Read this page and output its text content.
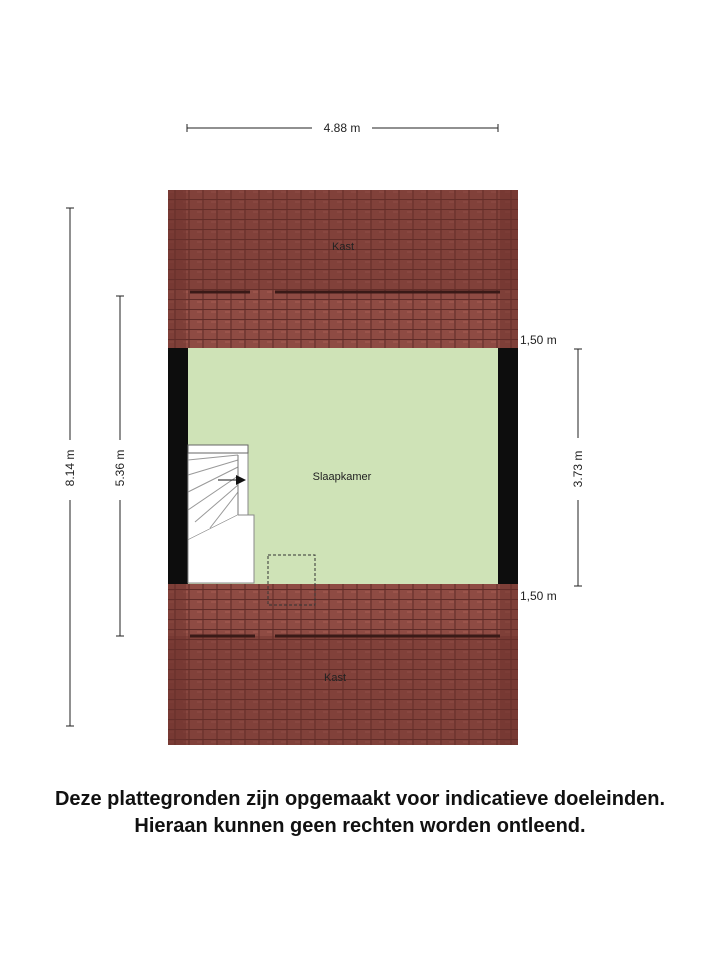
Kast
Kast
Slaapkamer
4.88 m
8.14 m	5.36 m	3.73 m
1,50 m
1,50 m
Deze plattegronden zijn opgemaakt voor indicatieve doeleinden.
Hieraan kunnen geen rechten worden ontleend.
